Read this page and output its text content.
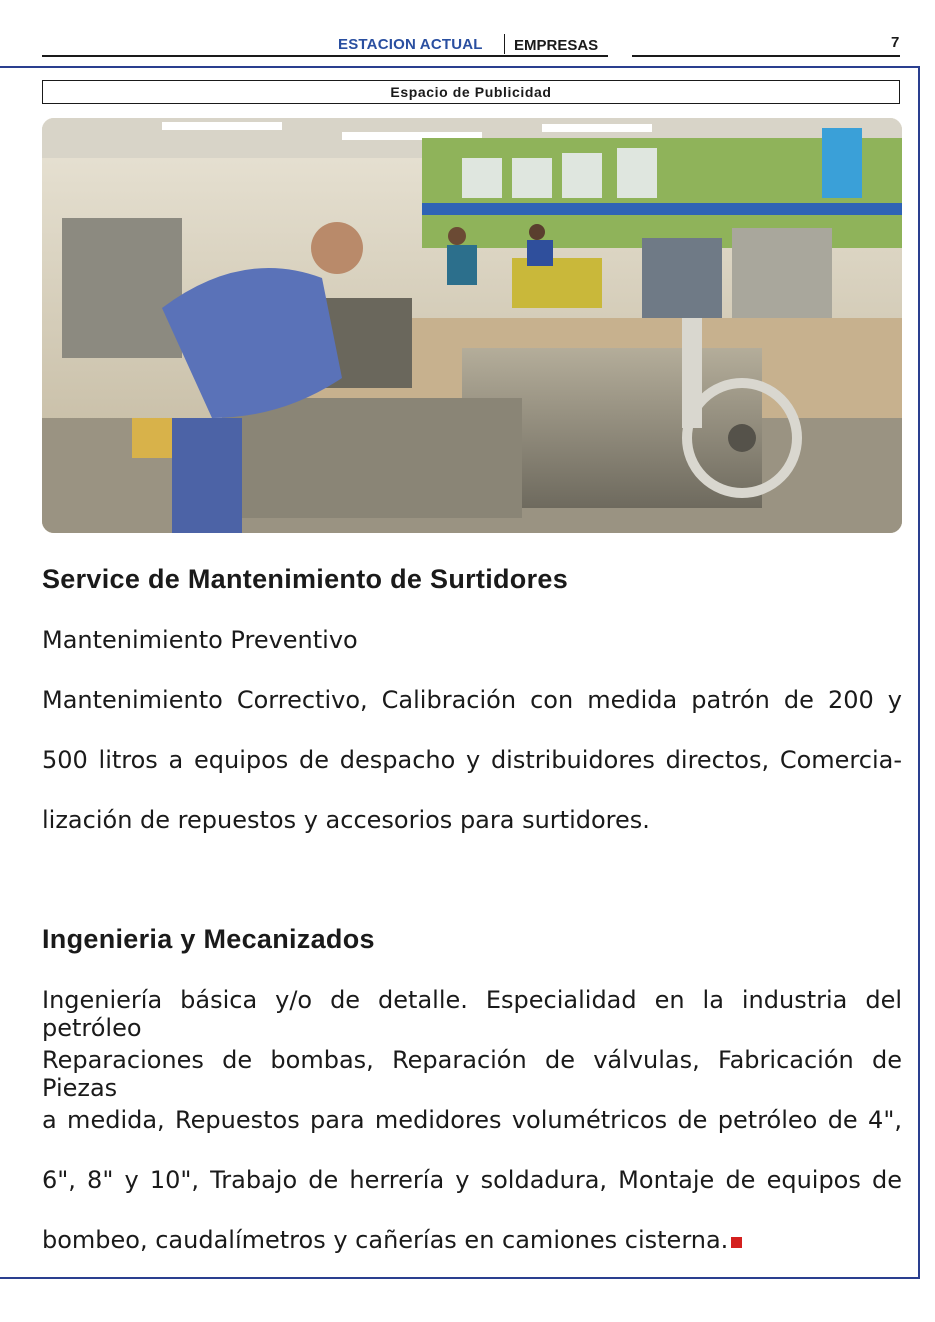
ESTACION ACTUAL EMPRESAS	7
Espacio de Publicidad
Service de Mantenimiento de Surtidores
Mantenimiento Preventivo
Mantenimiento Correctivo, Calibración con medida patrón de 200 y
500 litros a equipos de despacho y distribuidores directos, Comercia-
lización de repuestos y accesorios para surtidores.
Ingenieria y Mecanizados
Ingeniería básica y/o de detalle. Especialidad en la industria del petróleo
Reparaciones de bombas, Reparación de válvulas, Fabricación de Piezas
a medida, Repuestos para medidores volumétricos de petróleo de 4",
6", 8" y 10", Trabajo de herrería y soldadura, Montaje de equipos de
bombeo, caudalímetros y cañerías en camiones cisterna.
